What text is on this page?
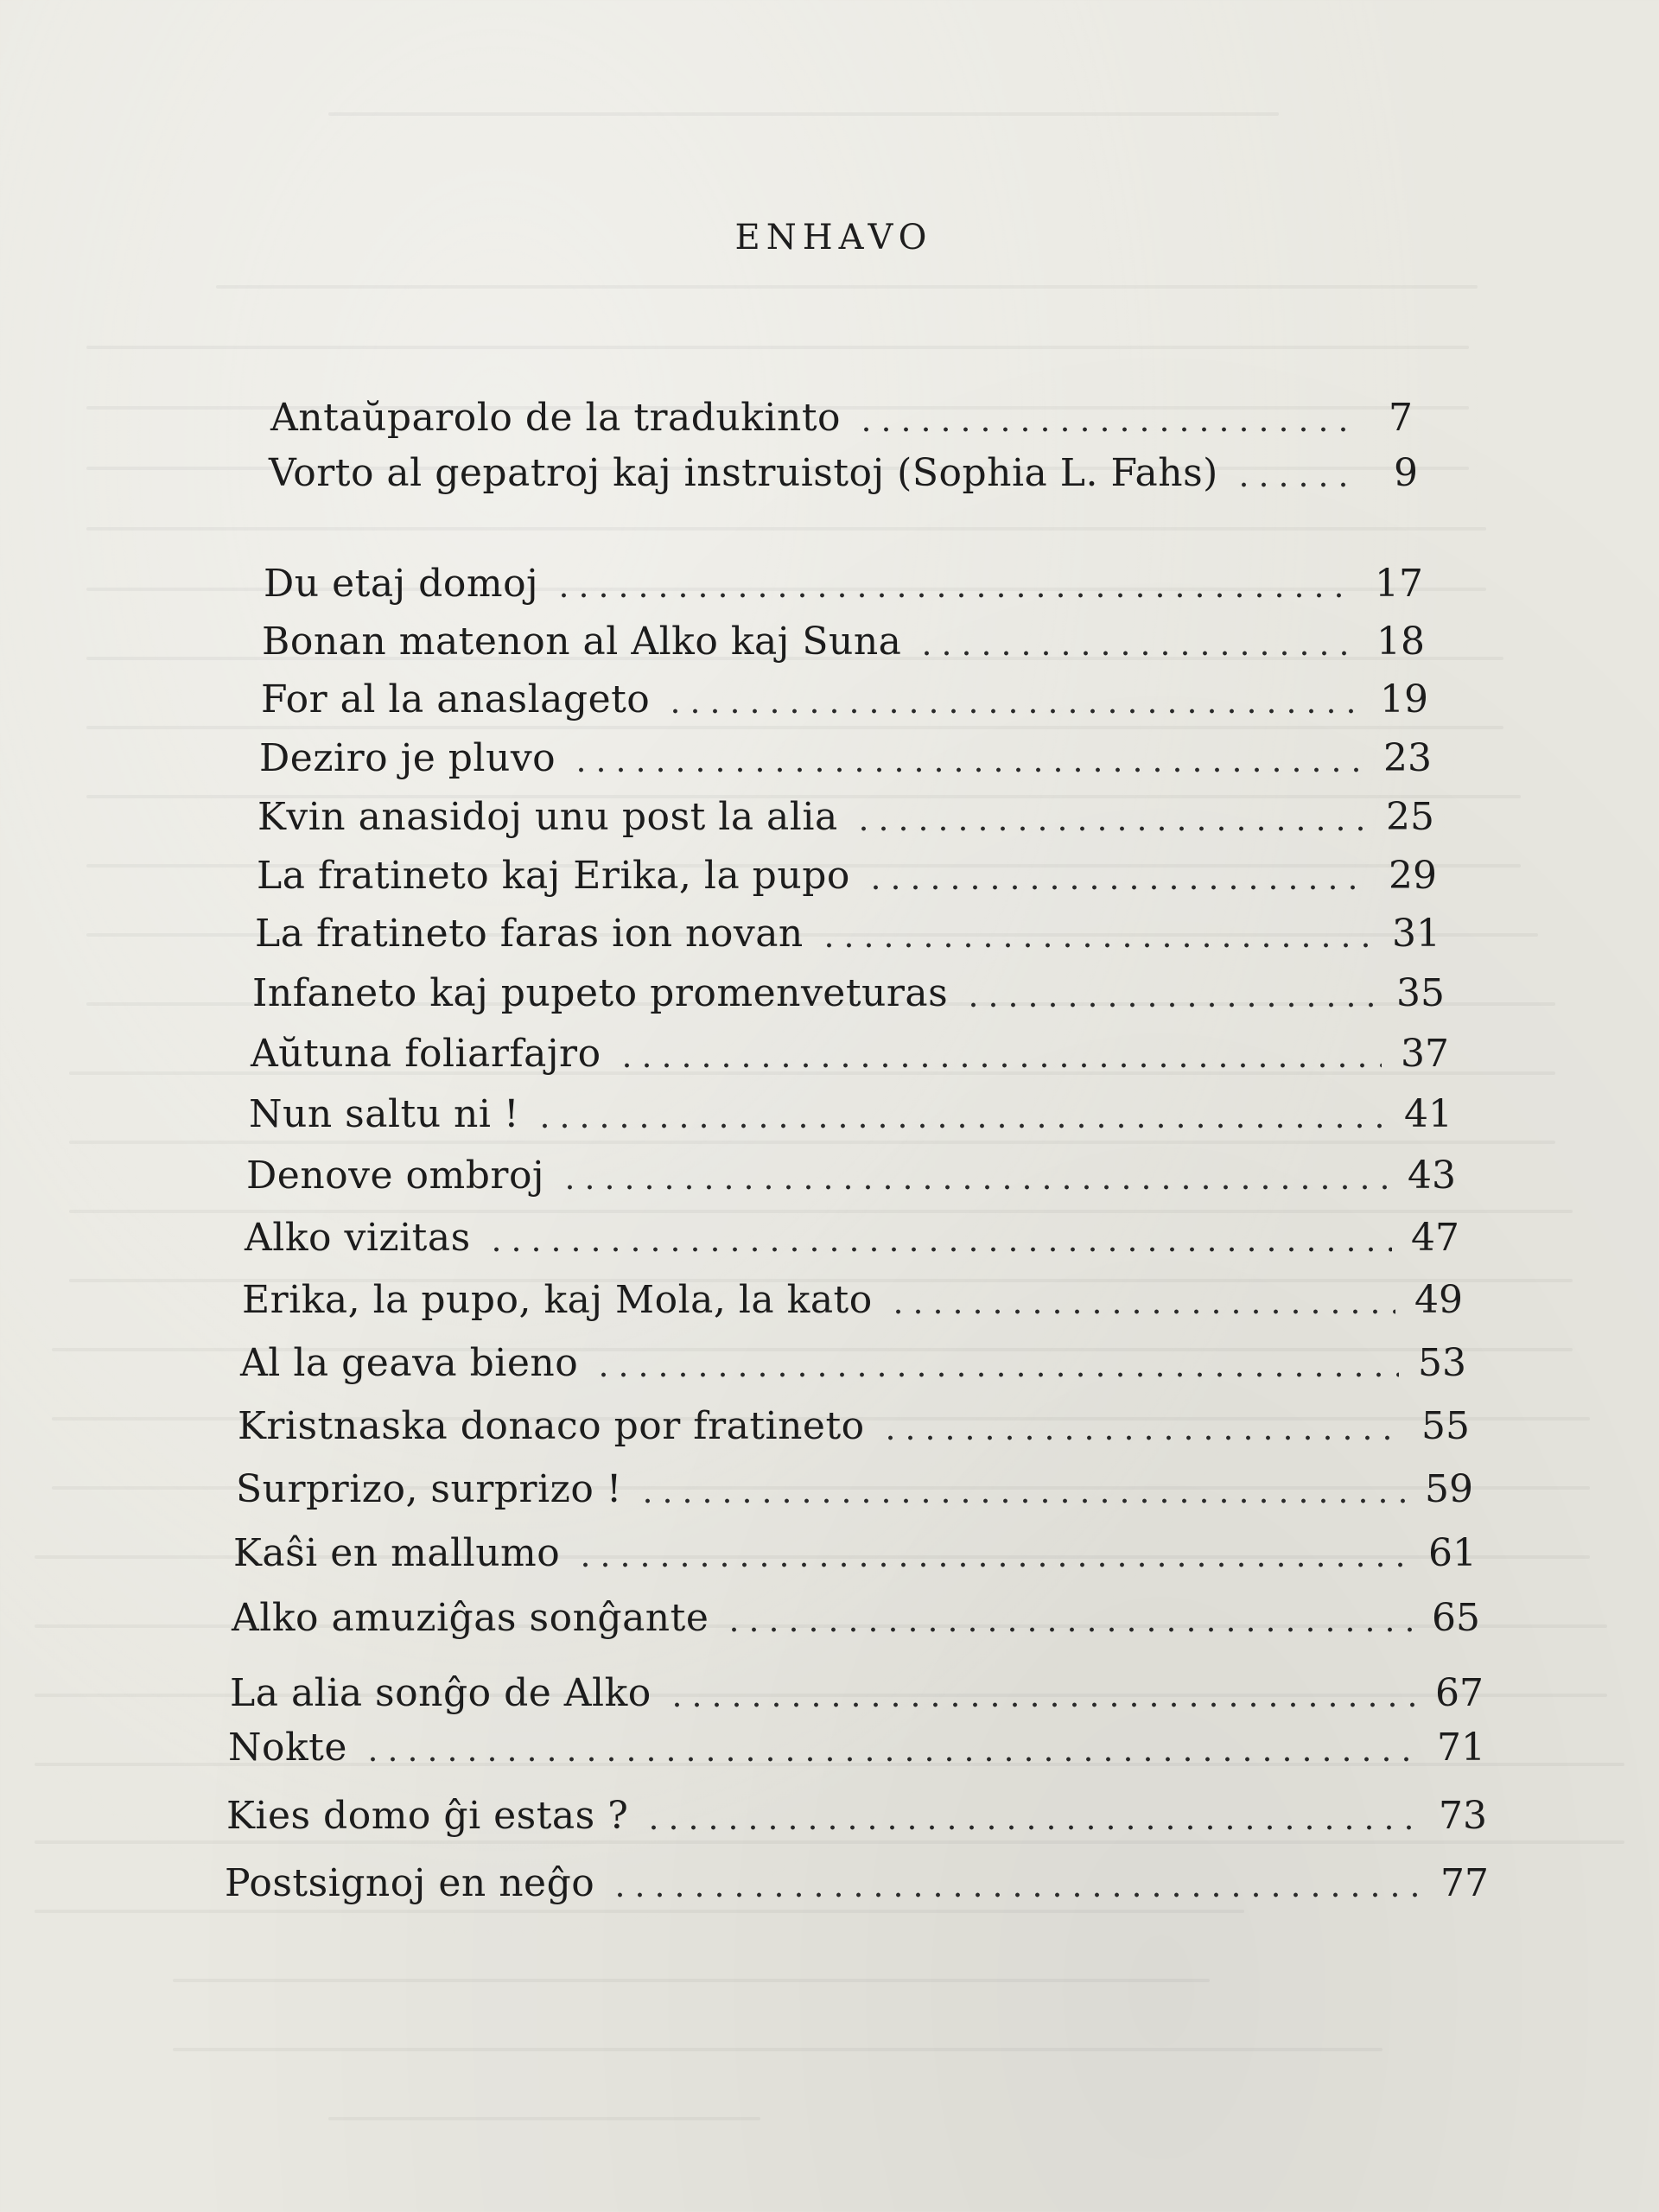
ENHAVO
Antaŭparolo de la tradukinto	7
Vorto al gepatroj kaj instruistoj (Sophia L. Fahs)	9
Du etaj domoj	17
Bonan matenon al Alko kaj Suna	18
For al la anaslageto	19
Deziro je pluvo	23
Kvin anasidoj unu post la alia	25
La fratineto kaj Erika, la pupo	29
La fratineto faras ion novan	31
Infaneto kaj pupeto promenveturas	35
Aŭtuna foliarfajro	37
Nun saltu ni !	41
Denove ombroj	43
Alko vizitas	47
Erika, la pupo, kaj Mola, la kato	49
Al la geava bieno	53
Kristnaska donaco por fratineto	55
Surprizo, surprizo !	59
Kaŝi en mallumo	61
Alko amuziĝas sonĝante	65
La alia sonĝo de Alko	67
Nokte	71
Kies domo ĝi estas ?	73
Postsignoj en neĝo	77
